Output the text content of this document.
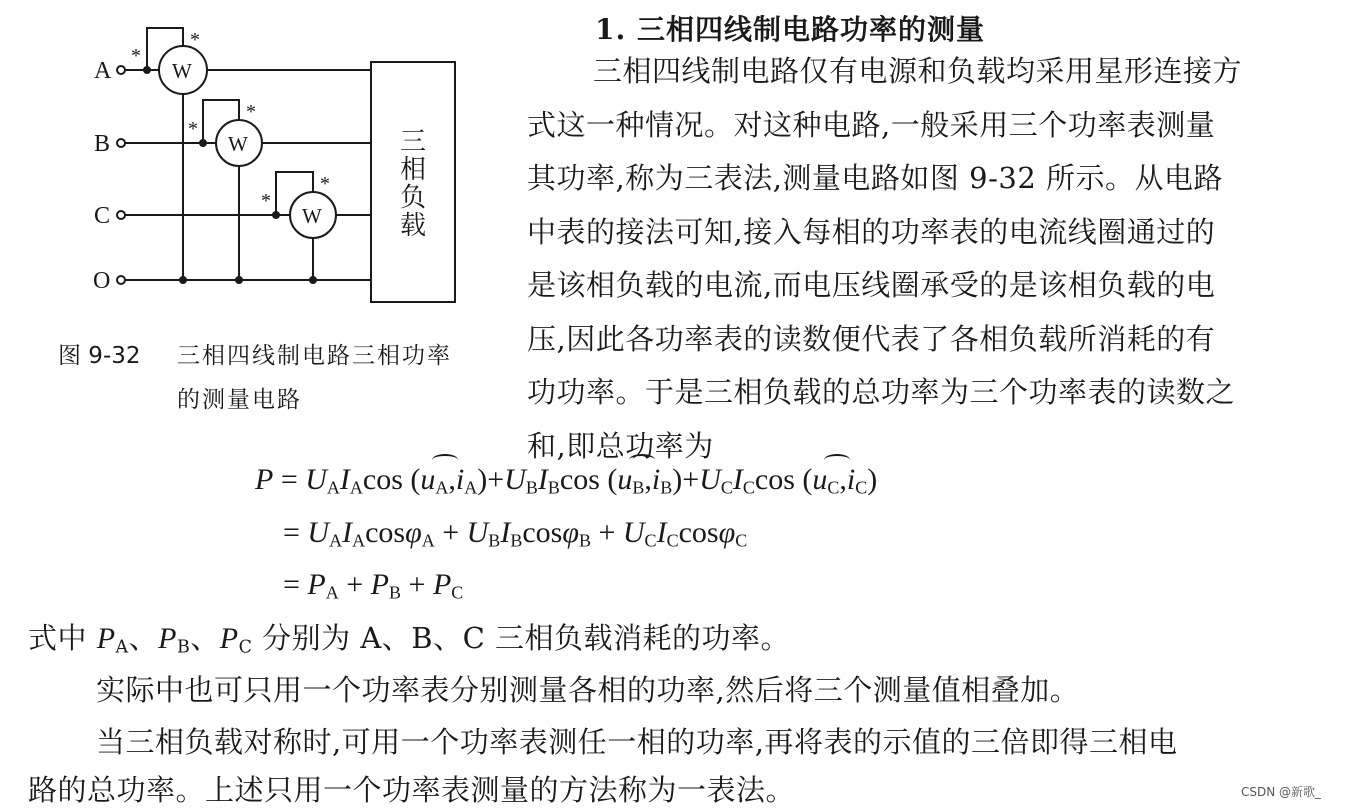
A
B
C
O
W
W
W
*
*
*
*
*
*
三
相
负
载
图 9-32 三相四线制电路三相功率
的测量电路
1. 三相四线制电路功率的测量
三相四线制电路仅有电源和负载均采用星形连接方
式这一种情况。对这种电路,一般采用三个功率表测量
其功率,称为三表法,测量电路如图 9-32 所示。从电路
中表的接法可知,接入每相的功率表的电流线圈通过的
是该相负载的电流,而电压线圈承受的是该相负载的电
压,因此各功率表的读数便代表了各相负载所消耗的有
功功率。于是三相负载的总功率为三个功率表的读数之
和,即总功率为
$P = U_AI_A\cos$ $(u_A,i_A)+U_BI_B\cos$ $(u_B,i_B)+U_CI_C\cos$ $(u_C,i_C)$
= $U_AI_A\cos\varphi_A + U_BI_B\cos\varphi_B + U_CI_C\cos\varphi_C$
= $P_A + P_B + P_C$
式中 $P_A$、$P_B$、$P_C$ 分别为 A、B、C 三相负载消耗的功率。
实际中也可只用一个功率表分别测量各相的功率,然后将三个测量值相叠加。
当三相负载对称时,可用一个功率表测任一相的功率,再将表的示值的三倍即得三相电
路的总功率。上述只用一个功率表测量的方法称为一表法。	CSDN @新歌_
